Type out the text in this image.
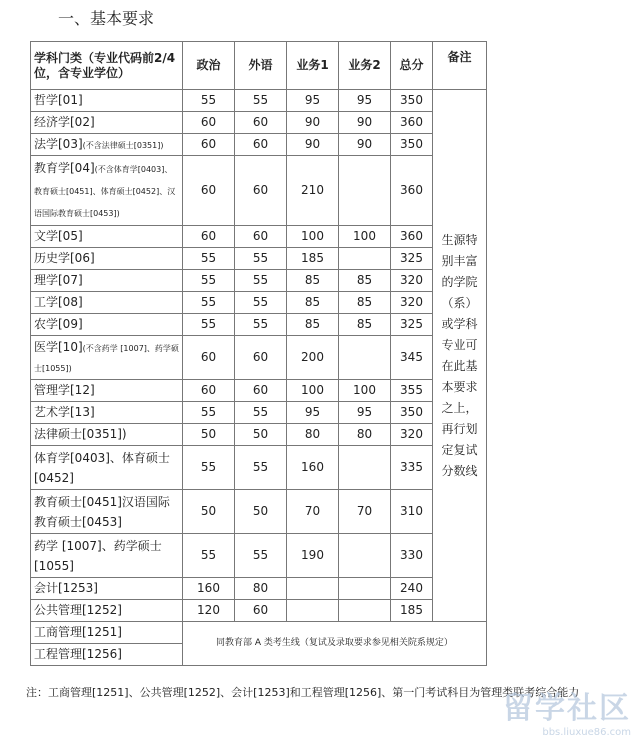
一、基本要求
学科门类（专业代码前2/4位，含专业学位）	政治	外语	业务1	业务2	总分	备注
哲学[01]	55	55	95	95	350	生源特别丰富的学院（系）或学科专业可在此基本要求之上，再行划定复试分数线
经济学[02]	60	60	90	90	360	
法学[03](不含法律硕士[0351])	60	60	90	90	350	
教育学[04](不含体育学[0403]、教育硕士[0451]、体育硕士[0452]、汉语国际教育硕士[0453])	60	60	210		360	
文学[05]	60	60	100	100	360	
历史学[06]	55	55	185		325	
理学[07]	55	55	85	85	320	
工学[08]	55	55	85	85	320	
农学[09]	55	55	85	85	325	
医学[10](不含药学 [1007]、药学硕士[1055])	60	60	200		345	
管理学[12]	60	60	100	100	355	
艺术学[13]	55	55	95	95	350	
法律硕士[0351])	50	50	80	80	320	
体育学[0403]、体育硕士[0452]	55	55	160		335	
教育硕士[0451]汉语国际教育硕士[0453]	50	50	70	70	310	
药学 [1007]、药学硕士[1055]	55	55	190		330	
会计[1253]	160	80			240	
公共管理[1252]	120	60			185	
工商管理[1251]	同教育部 A 类考生线（复试及录取要求参见相关院系规定）					
工程管理[1256]						
注：工商管理[1251]、公共管理[1252]、会计[1253]和工程管理[1256]、第一门考试科目为管理类联考综合能力
留学社区
bbs.liuxue86.com
